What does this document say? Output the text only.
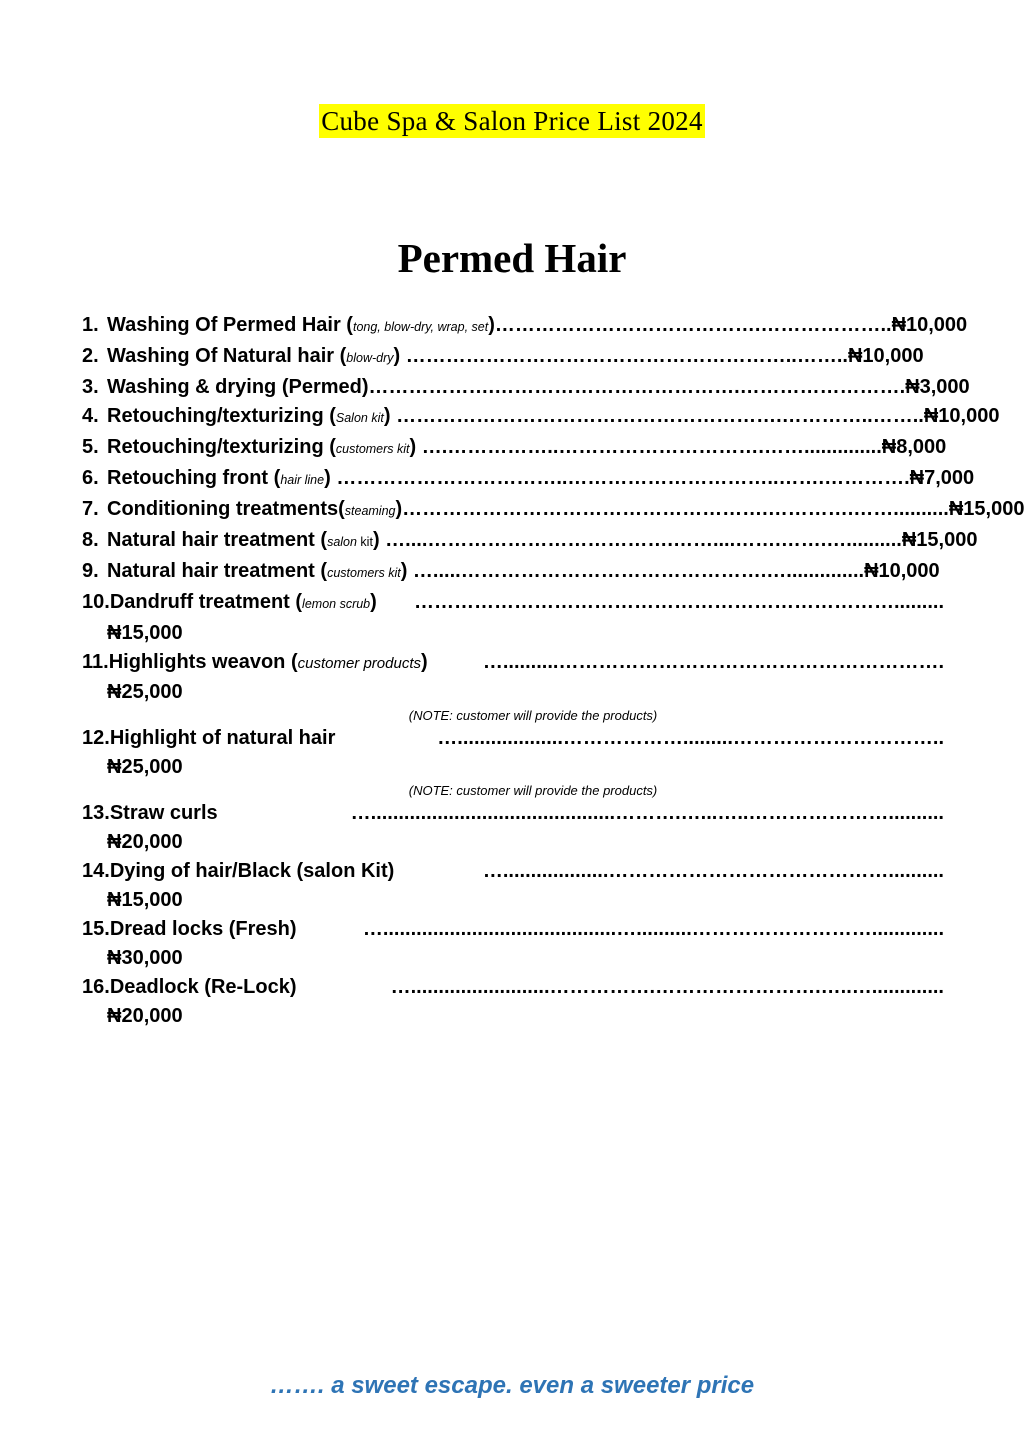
Cube Spa & Salon Price List 2024
Permed Hair
1. Washing Of Permed Hair (tong, blow-dry, wrap, set)………………………………….………………..₦10,000
2. Washing Of Natural hair (blow-dry) …………………………………………………..……..₦10,000
3. Washing & drying (Permed)……………….……………………………….…………………….₦3,000
4. Retouching/texturizing (Salon kit) ………………………………………………….…………..……..₦10,000
5. Retouching/texturizing (customers kit) ….……………..………………………….……..............₦8,000
6. Retouching front (hair line) ……………………………..…………………………..…….………….₦7,000
7. Conditioning treatments(steaming)……………………………………………….………….……..........₦15,000
8. Natural hair treatment (salon kit) …....……………………………….……....…….…….…..........₦15,000
9. Natural hair treatment (customers kit) ….....……………………………………….…..............₦10,000
10. Dandruff treatment (lemon scrub)	……………………………………………………………….........
₦15,000
11. Highlights weavon (customer products)	…..........………………………………………………….
₦25,000
(NOTE: customer will provide the products)
12. Highlight of natural hair	…...................……………….........…………………………..
₦25,000
(NOTE: customer will provide the products)
13. Straw curls	…............................................……….…...…..…………………..........
₦20,000
14. Dying of hair/Black (salon Kit)	…...................……………………………………..........
₦15,000
15. Dread locks (Fresh)	…..........................................…..........……………………….............
₦30,000
16. Deadlock (Re-Lock)	….........................…………….…………………….…..….............
₦20,000
……. a sweet escape. even a sweeter price
